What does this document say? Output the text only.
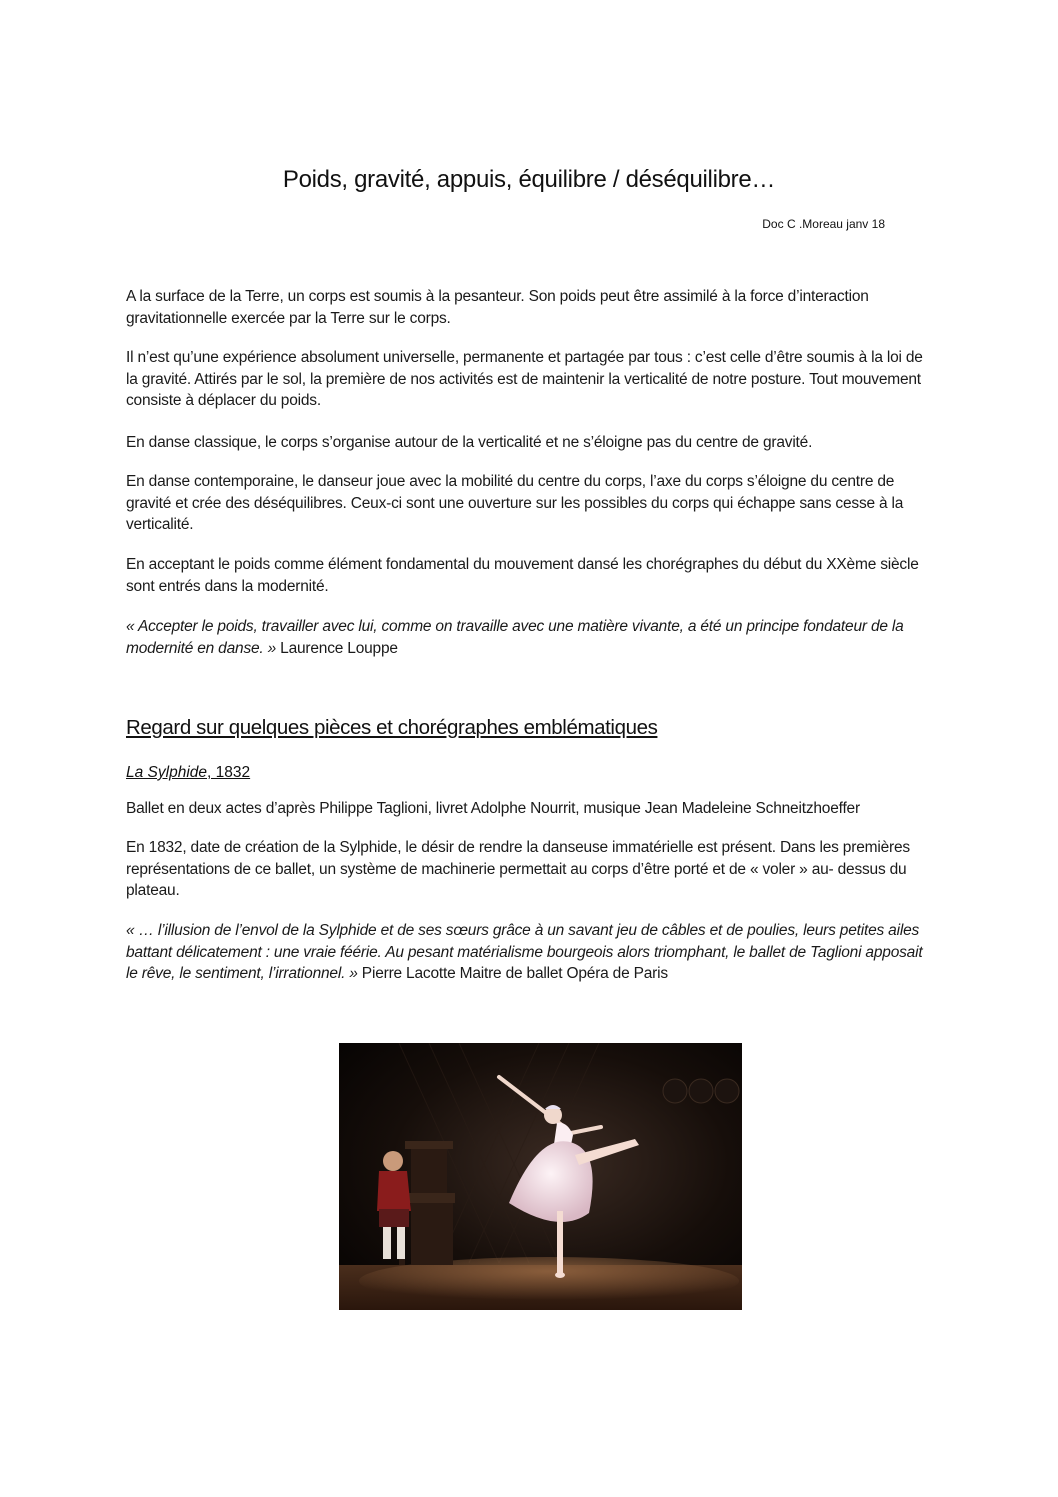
Poids, gravité, appuis, équilibre / déséquilibre…
Doc C .Moreau janv 18

A la surface de la Terre, un corps est soumis à la pesanteur. Son poids peut être assimilé à la force d’interaction gravitationnelle exercée par la Terre sur le corps.

Il n’est qu’une expérience absolument universelle, permanente et partagée par tous : c’est celle d’être soumis à la loi de la gravité. Attirés par le sol, la première de nos activités est de maintenir la verticalité de notre posture. Tout mouvement consiste à déplacer du poids.

En danse classique, le corps s’organise autour de la verticalité et ne s’éloigne pas du centre de gravité.

En danse contemporaine, le danseur joue avec la mobilité du centre du corps, l’axe du corps s’éloigne du centre de gravité et crée des déséquilibres. Ceux-ci sont une ouverture sur les possibles du corps qui échappe sans cesse à la verticalité.

En acceptant le poids comme élément fondamental du mouvement dansé les chorégraphes du début du XXème siècle sont entrés dans la modernité.

« Accepter le poids, travailler avec lui, comme on travaille avec une matière vivante, a été un principe fondateur de la modernité en danse. » Laurence Louppe

Regard sur quelques pièces et chorégraphes emblématiques
La Sylphide, 1832

Ballet en deux actes d’après Philippe Taglioni, livret Adolphe Nourrit, musique Jean Madeleine Schneitzhoeffer

En 1832, date de création de la Sylphide, le désir de rendre la danseuse immatérielle est présent. Dans les premières représentations de ce ballet, un système de machinerie permettait au corps d’être porté et de « voler » au- dessus du plateau.

« … l’illusion de l’envol de la Sylphide et de ses sœurs grâce à un savant jeu de câbles et de poulies, leurs petites ailes battant délicatement : une vraie féérie. Au pesant matérialisme bourgeois alors triomphant, le ballet de Taglioni apposait le rêve, le sentiment, l’irrationnel. » Pierre Lacotte Maitre de ballet Opéra de Paris
